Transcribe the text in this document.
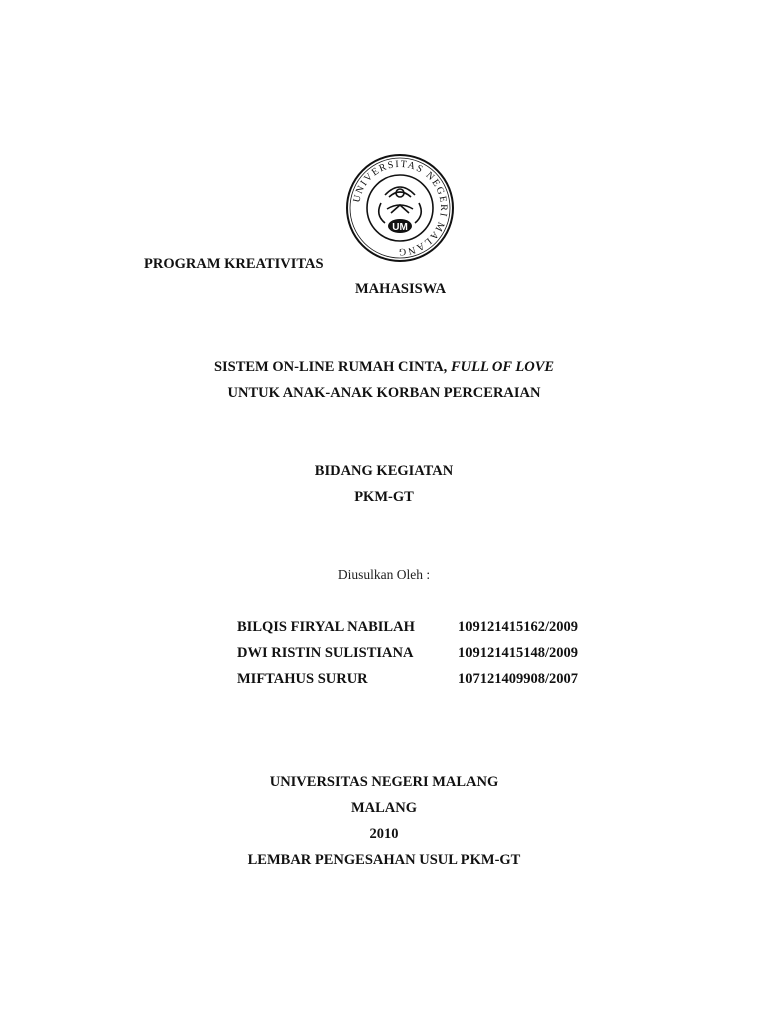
UNIVERSITAS NEGERI MALANG
UM
PROGRAM KREATIVITAS
MAHASISWA
SISTEM ON-LINE RUMAH CINTA, FULL OF LOVE
UNTUK ANAK-ANAK KORBAN PERCERAIAN
BIDANG KEGIATAN
PKM-GT
Diusulkan Oleh :
BILQIS FIRYAL NABILAH	109121415162/2009
DWI RISTIN SULISTIANA	109121415148/2009
MIFTAHUS SURUR	107121409908/2007
UNIVERSITAS NEGERI MALANG
MALANG
2010
LEMBAR PENGESAHAN USUL PKM-GT
